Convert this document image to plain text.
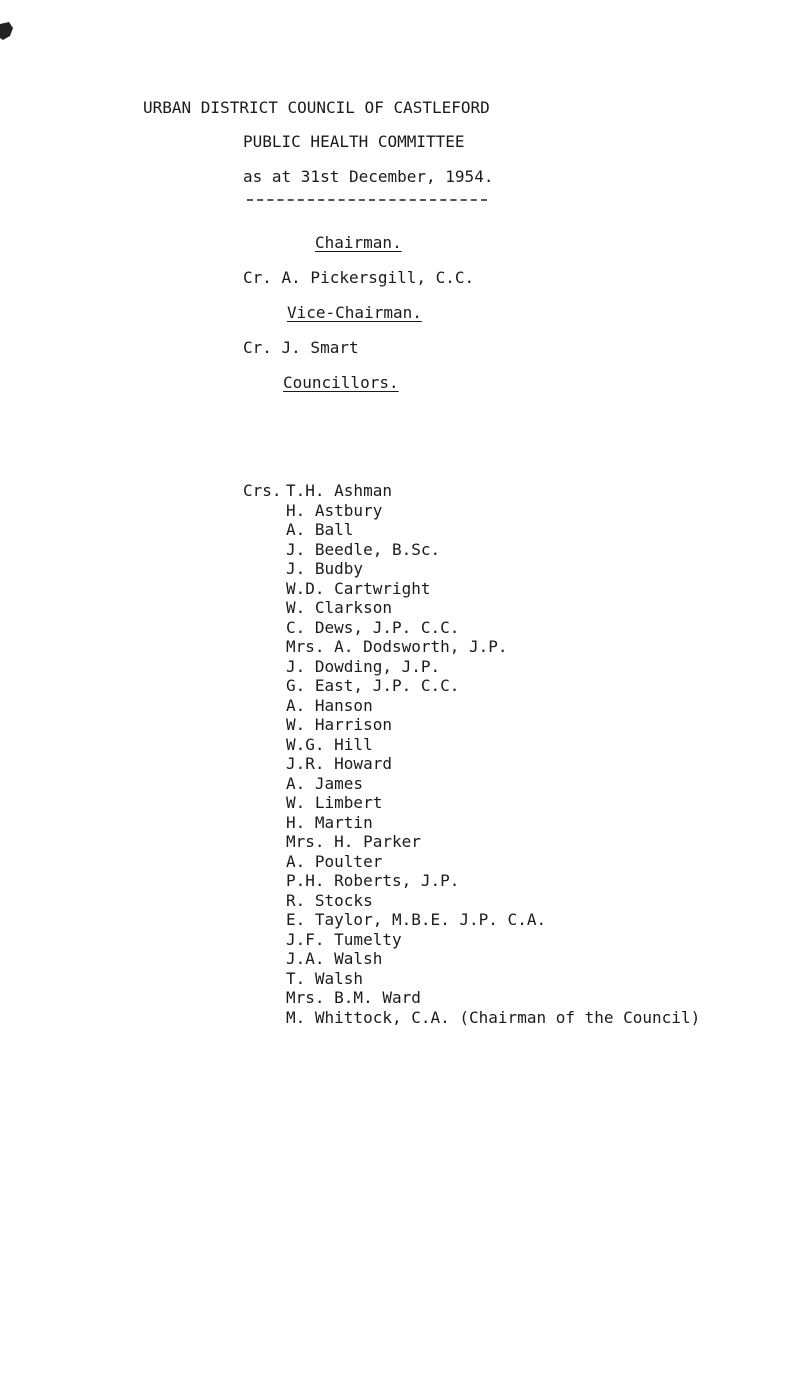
URBAN DISTRICT COUNCIL OF CASTLEFORD
PUBLIC HEALTH COMMITTEE
as at 31st December, 1954.
Chairman.
Cr. A. Pickersgill, C.C.
Vice-Chairman.
Cr. J. Smart
Councillors.
Crs. T.H. Ashman
H. Astbury
A. Ball
J. Beedle, B.Sc.
J. Budby
W.D. Cartwright
W. Clarkson
C. Dews, J.P. C.C.
Mrs. A. Dodsworth, J.P.
J. Dowding, J.P.
G. East, J.P. C.C.
A. Hanson
W. Harrison
W.G. Hill
J.R. Howard
A. James
W. Limbert
H. Martin
Mrs. H. Parker
A. Poulter
P.H. Roberts, J.P.
R. Stocks
E. Taylor, M.B.E. J.P. C.A.
J.F. Tumelty
J.A. Walsh
T. Walsh
Mrs. B.M. Ward
M. Whittock, C.A. (Chairman of the Council)
